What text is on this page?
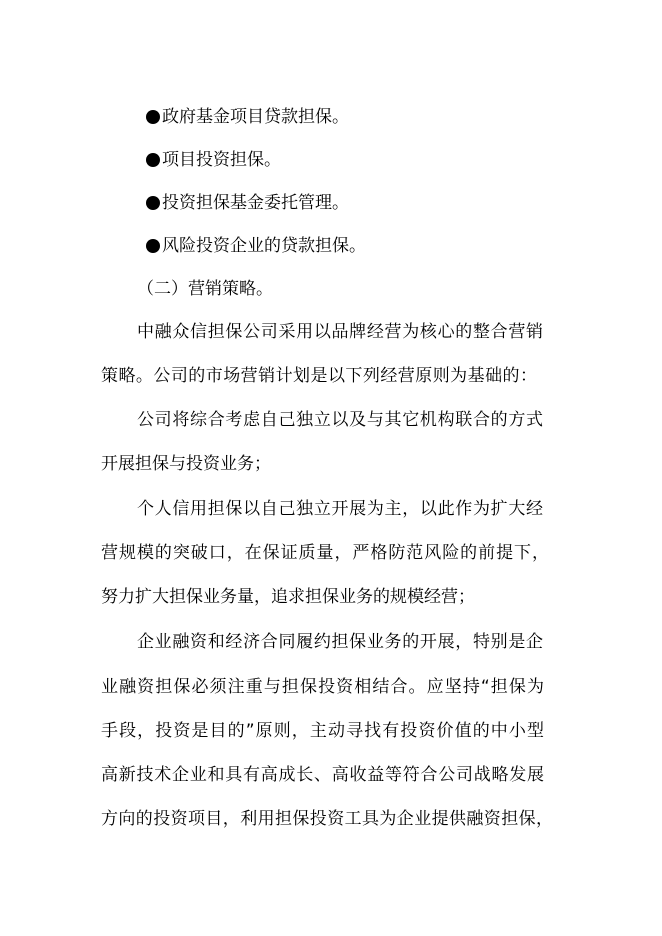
政府基金项目贷款担保。
项目投资担保。
投资担保基金委托管理。
风险投资企业的贷款担保。

（二）营销策略。

中融众信担保公司采用以品牌经营为核心的整合营销

策略。公司的市场营销计划是以下列经营原则为基础的：

公司将综合考虑自己独立以及与其它机构联合的方式

开展担保与投资业务；

个人信用担保以自己独立开展为主，以此作为扩大经

营规模的突破口，在保证质量，严格防范风险的前提下，

努力扩大担保业务量，追求担保业务的规模经营；

企业融资和经济合同履约担保业务的开展，特别是企

业融资担保必须注重与担保投资相结合。应坚持“担保为

手段，投资是目的”原则，主动寻找有投资价值的中小型

高新技术企业和具有高成长、高收益等符合公司战略发展

方向的投资项目，利用担保投资工具为企业提供融资担保，
